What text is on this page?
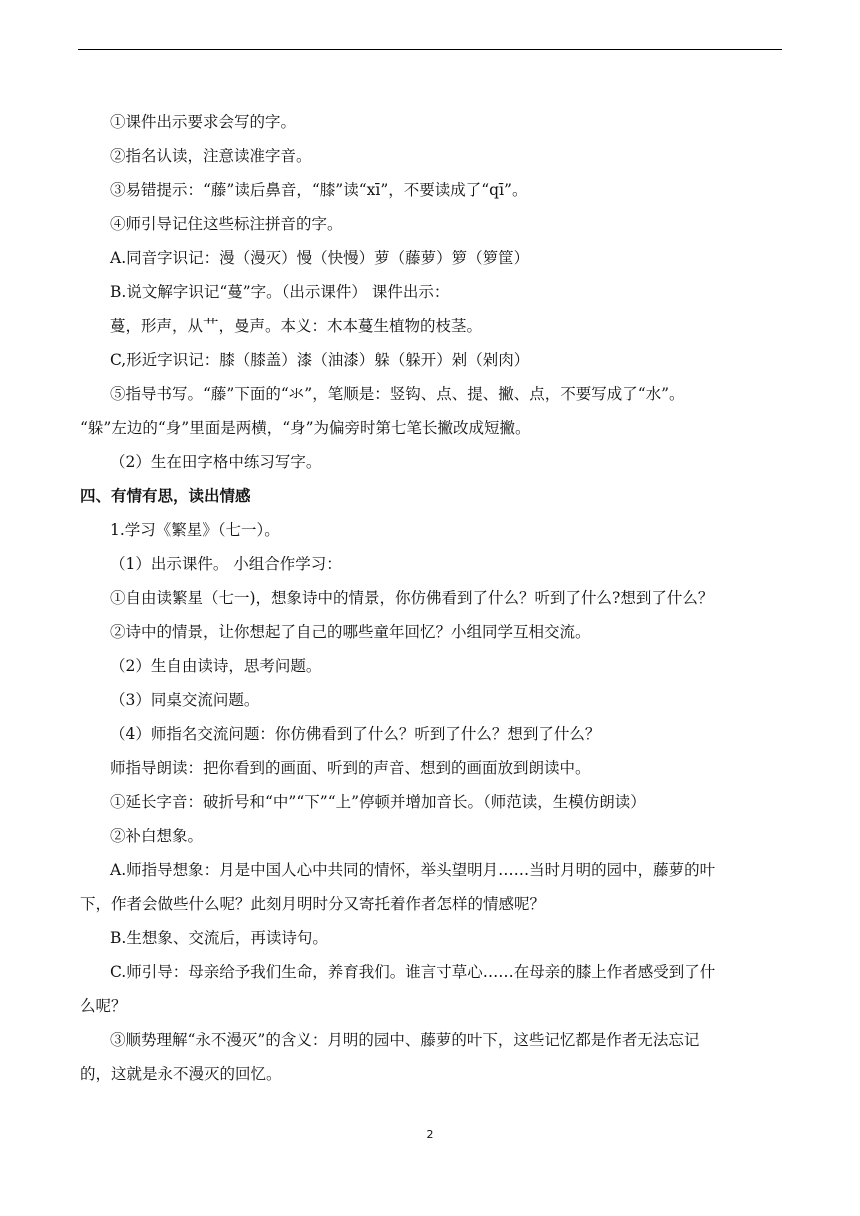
①课件出示要求会写的字。
②指名认读，注意读准字音。
③易错提示：“藤”读后鼻音，“膝”读“xī”，不要读成了“qī”。
④师引导记住这些标注拼音的字。
A.同音字识记：漫（漫灭）慢（快慢）萝（藤萝）箩（箩筐）
B.说文解字识记“蔓”字。（出示课件） 课件出示：
蔓，形声，从艹，曼声。本义：木本蔓生植物的枝茎。
C,形近字识记：膝（膝盖）漆（油漆）躲（躲开）剁（剁肉）
⑤指导书写。“藤”下面的“氺”，笔顺是：竖钩、点、提、撇、点，不要写成了“水”。
“躲”左边的“身”里面是两横，“身”为偏旁时第七笔长撇改成短撇。
（2）生在田字格中练习写字。
四、有情有思，读出情感
1.学习《繁星》（七一）。
（1）出示课件。 小组合作学习：
①自由读繁星（七一)，想象诗中的情景，你仿佛看到了什么？听到了什么?想到了什么？
②诗中的情景，让你想起了自己的哪些童年回忆？小组同学互相交流。
（2）生自由读诗，思考问题。
（3）同桌交流问题。
（4）师指名交流问题：你仿佛看到了什么？听到了什么？想到了什么？
师指导朗读：把你看到的画面、听到的声音、想到的画面放到朗读中。
①延长字音：破折号和“中”“下”“上”停顿并增加音长。（师范读，生模仿朗读）
②补白想象。
A.师指导想象：月是中国人心中共同的情怀，举头望明月……当时月明的园中，藤萝的叶
下，作者会做些什么呢？此刻月明时分又寄托着作者怎样的情感呢？
B.生想象、交流后，再读诗句。
C.师引导：母亲给予我们生命，养育我们。谁言寸草心……在母亲的膝上作者感受到了什
么呢？
③顺势理解“永不漫灭”的含义：月明的园中、藤萝的叶下，这些记忆都是作者无法忘记
的，这就是永不漫灭的回忆。
2
